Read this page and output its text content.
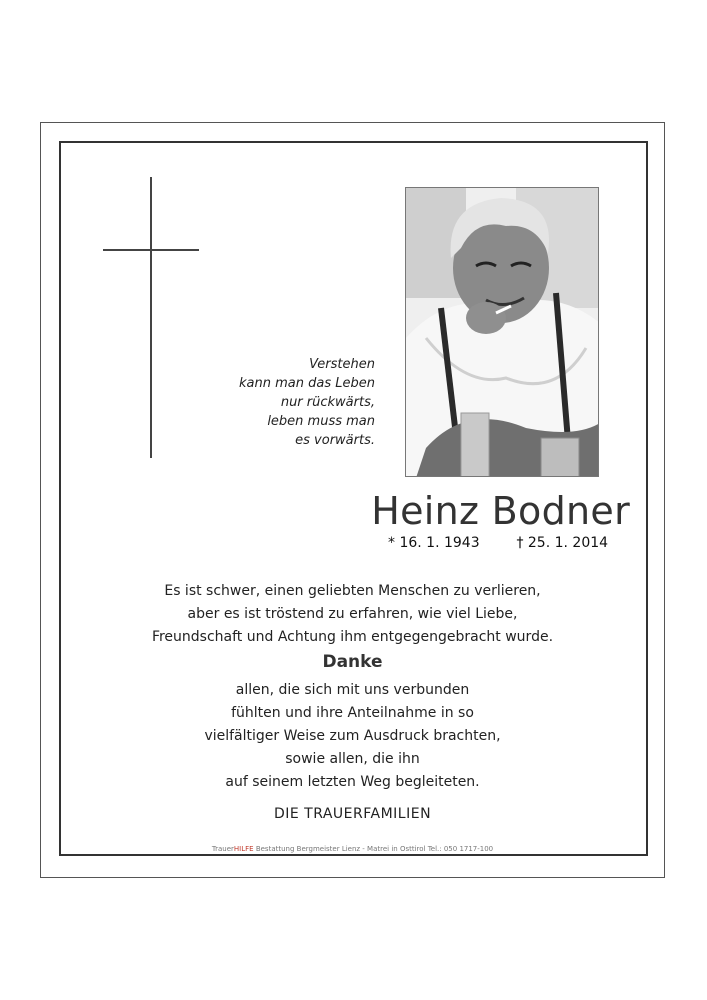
Verstehen
kann man das Leben
nur rückwärts,
leben muss man
es vorwärts.
Heinz Bodner
* 16. 1. 1943	† 25. 1. 2014
Es ist schwer, einen geliebten Menschen zu verlieren,
aber es ist tröstend zu erfahren, wie viel Liebe,
Freundschaft und Achtung ihm entgegengebracht wurde.
Danke
allen, die sich mit uns verbunden
fühlten und ihre Anteilnahme in so
vielfältiger Weise zum Ausdruck brachten,
sowie allen, die ihn
auf seinem letzten Weg begleiteten.
DIE TRAUERFAMILIEN
TrauerHILFE Bestattung Bergmeister Lienz - Matrei in Osttirol Tel.: 050 1717-100
